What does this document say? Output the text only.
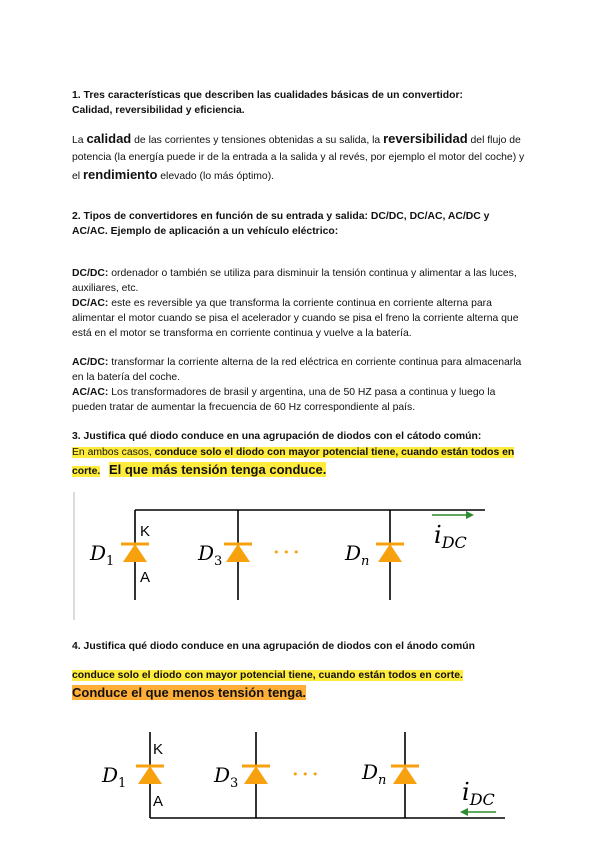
1. Tres características que describen las cualidades básicas de un convertidor:
Calidad, reversibilidad y eficiencia.
La calidad de las corrientes y tensiones obtenidas a su salida, la reversibilidad del flujo de potencia (la energía puede ir de la entrada a la salida y al revés, por ejemplo el motor del coche) y el rendimiento elevado (lo más óptimo).
2. Tipos de convertidores en función de su entrada y salida: DC/DC, DC/AC, AC/DC y
AC/AC. Ejemplo de aplicación a un vehículo eléctrico:
DC/DC: ordenador o también se utiliza para disminuir la tensión continua y alimentar a las luces, auxiliares, etc.
DC/AC: este es reversible ya que transforma la corriente continua en corriente alterna para alimentar el motor cuando se pisa el acelerador y cuando se pisa el freno la corriente alterna que está en el motor se transforma en corriente continua y vuelve a la batería.
AC/DC: transformar la corriente alterna de la red eléctrica en corriente continua para almacenarla en la batería del coche.
AC/AC: Los transformadores de brasil y argentina, una de 50 HZ pasa a continua y luego la pueden tratar de aumentar la frecuencia de 60 Hz correspondiente al país.
3. Justifica qué diodo conduce en una agrupación de diodos con el cátodo común:
En ambos casos, conduce solo el diodo con mayor potencial tiene, cuando están todos en corte. El que más tensión tenga conduce.
K
A
$D_1$	$D_3$	$D_n$
• • •
$i_{DC}$
K
A
$D_1$	$D_3$	$D_n$
• • •
$i_{DC}$
4. Justifica qué diodo conduce en una agrupación de diodos con el ánodo común
conduce solo el diodo con mayor potencial tiene, cuando están todos en corte.
Conduce el que menos tensión tenga.
